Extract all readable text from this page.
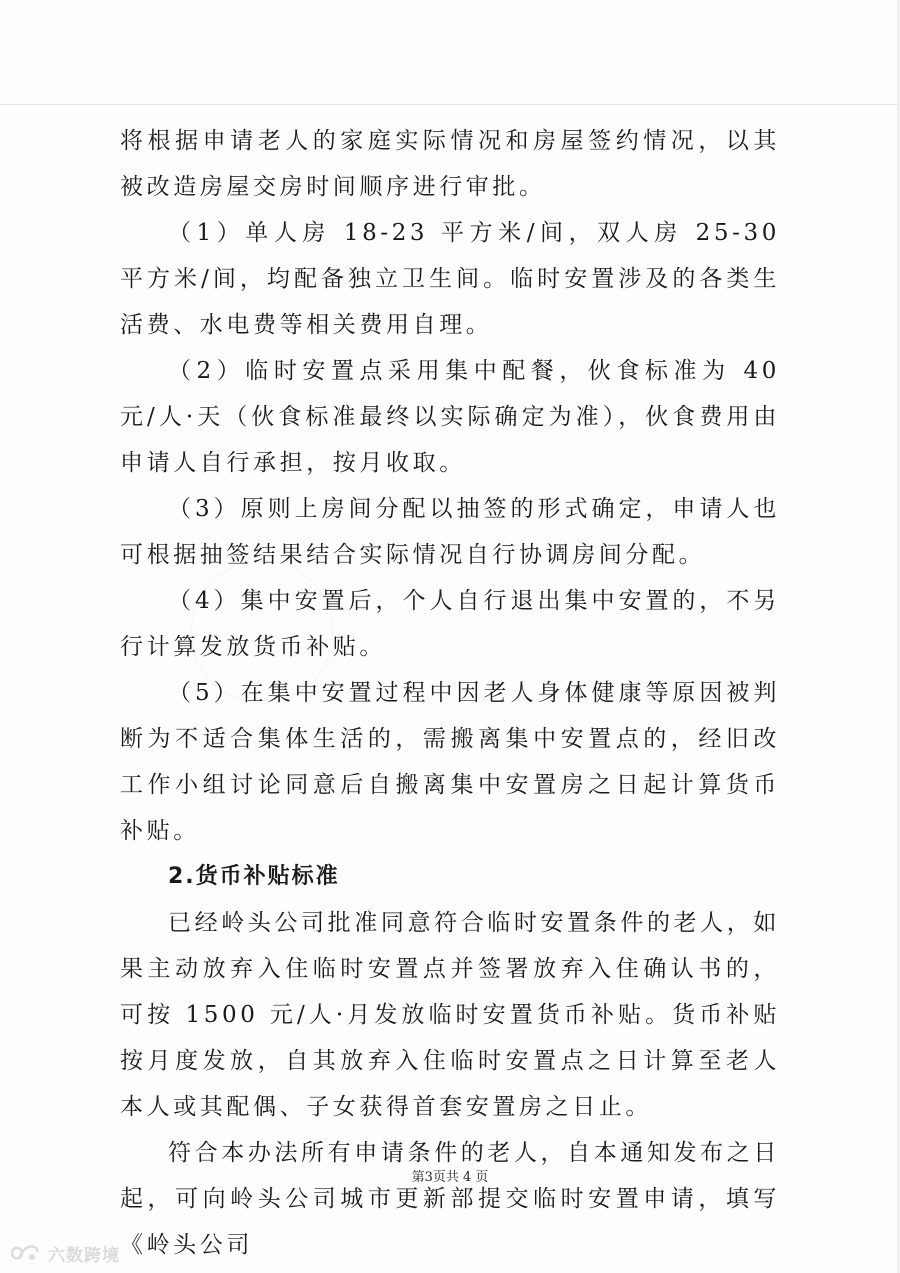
将根据申请老人的家庭实际情况和房屋签约情况，以其被改造房屋交房时间顺序进行审批。

（1）单人房 18-23 平方米/间，双人房 25-30 平方米/间，均配备独立卫生间。临时安置涉及的各类生活费、水电费等相关费用自理。

（2）临时安置点采用集中配餐，伙食标准为 40 元/人·天（伙食标准最终以实际确定为准），伙食费用由申请人自行承担，按月收取。

（3）原则上房间分配以抽签的形式确定，申请人也可根据抽签结果结合实际情况自行协调房间分配。

（4）集中安置后，个人自行退出集中安置的，不另行计算发放货币补贴。

（5）在集中安置过程中因老人身体健康等原因被判断为不适合集体生活的，需搬离集中安置点的，经旧改工作小组讨论同意后自搬离集中安置房之日起计算货币补贴。

2.货币补贴标准

已经岭头公司批准同意符合临时安置条件的老人，如果主动放弃入住临时安置点并签署放弃入住确认书的，可按 1500 元/人·月发放临时安置货币补贴。货币补贴按月度发放，自其放弃入住临时安置点之日计算至老人本人或其配偶、子女获得首套安置房之日止。

符合本办法所有申请条件的老人，自本通知发布之日起，可向岭头公司城市更新部提交临时安置申请，填写《岭头公司

第3页共 4 页
六数跨境
